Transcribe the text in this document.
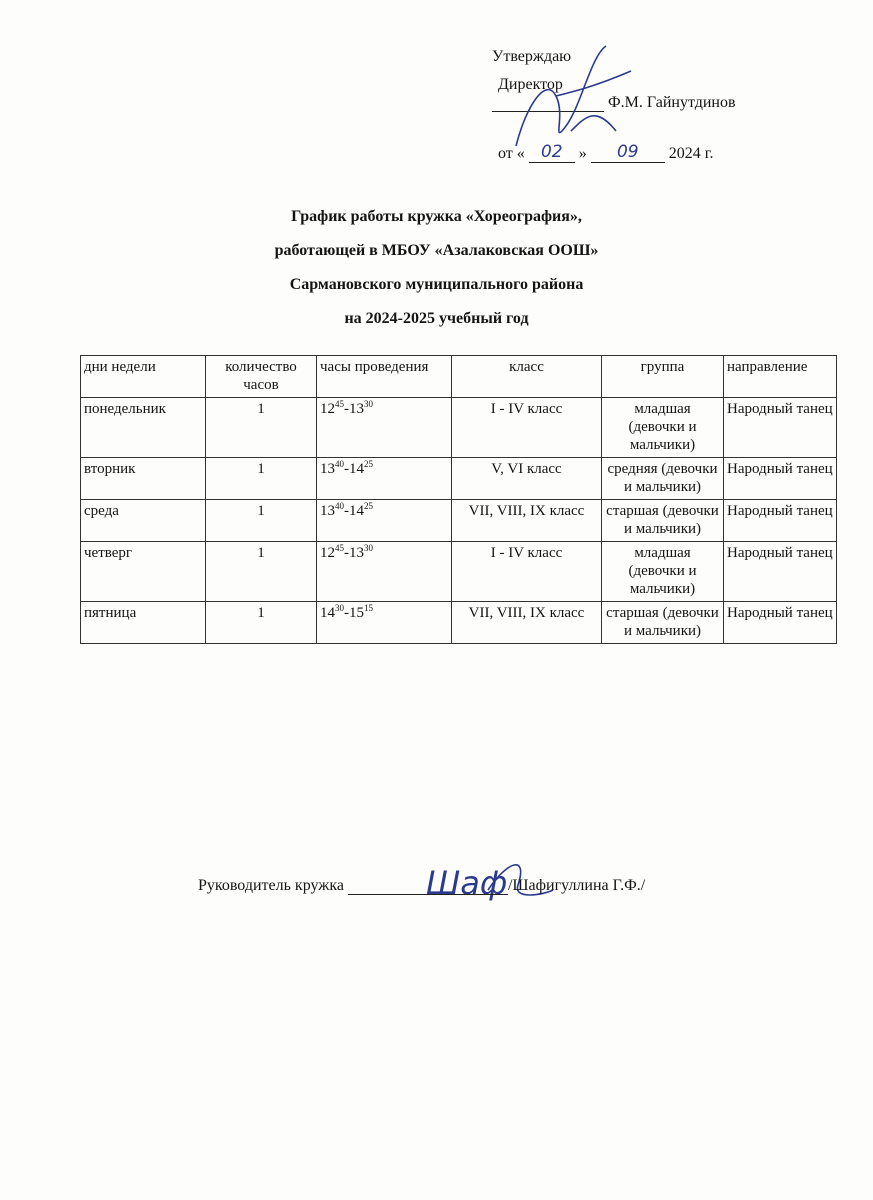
Утверждаю
Директор
Ф.М. Гайнутдинов
от « 02 » 09 2024 г.
График работы кружка «Хореография»,
работающей в МБОУ «Азалаковская ООШ»
Сармановского муниципального района
на 2024-2025 учебный год
дни недели	количество часов	часы проведения	класс	группа	направление
понедельник	1	$12^{45}-13^{30}$	I - IV класс	младшая (девочки и мальчики)	Народный танец
вторник	1	$13^{40}-14^{25}$	V, VI класс	средняя (девочки и мальчики)	Народный танец
среда	1	$13^{40}-14^{25}$	VII, VIII, IX класс	старшая (девочки и мальчики)	Народный танец
четверг	1	$12^{45}-13^{30}$	I - IV класс	младшая (девочки и мальчики)	Народный танец
пятница	1	$14^{30}-15^{15}$	VII, VIII, IX класс	старшая (девочки и мальчики)	Народный танец
Шаф
Руководитель кружка	/Шафигуллина Г.Ф./
